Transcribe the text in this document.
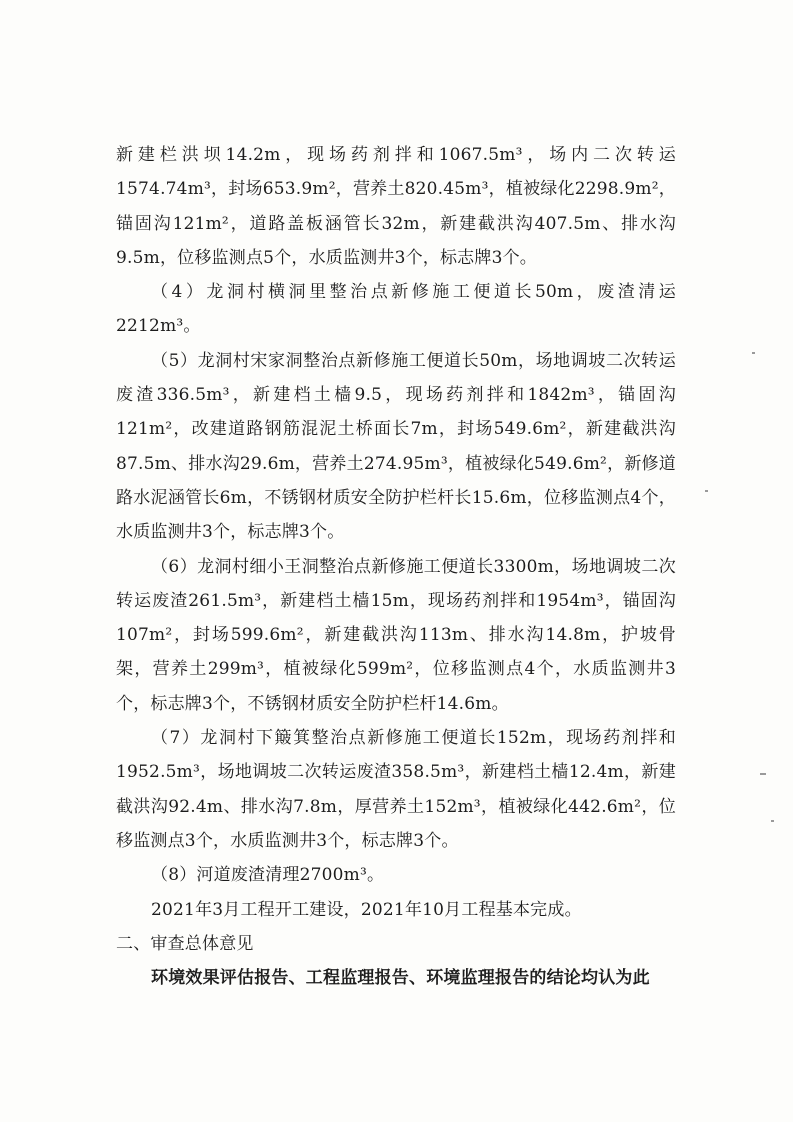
新建栏洪坝14.2m，现场药剂拌和1067.5m³，场内二次转运1574.74m³，封场653.9m²，营养土820.45m³，植被绿化2298.9m²，锚固沟121m²，道路盖板涵管长32m，新建截洪沟407.5m、排水沟9.5m，位移监测点5个，水质监测井3个，标志牌3个。

（4）龙洞村横洞里整治点新修施工便道长50m，废渣清运2212m³。

（5）龙洞村宋家洞整治点新修施工便道长50m，场地调坡二次转运废渣336.5m³，新建档土樯9.5，现场药剂拌和1842m³，锚固沟121m²，改建道路钢筋混泥土桥面长7m，封场549.6m²，新建截洪沟87.5m、排水沟29.6m，营养土274.95m³，植被绿化549.6m²，新修道路水泥涵管长6m，不锈钢材质安全防护栏杆长15.6m，位移监测点4个，水质监测井3个，标志牌3个。

（6）龙洞村细小王洞整治点新修施工便道长3300m，场地调坡二次转运废渣261.5m³，新建档土樯15m，现场药剂拌和1954m³，锚固沟107m²，封场599.6m²，新建截洪沟113m、排水沟14.8m，护坡骨架，营养土299m³，植被绿化599m²，位移监测点4个，水质监测井3个，标志牌3个，不锈钢材质安全防护栏杆14.6m。

（7）龙洞村下簸箕整治点新修施工便道长152m，现场药剂拌和1952.5m³，场地调坡二次转运废渣358.5m³，新建档土樯12.4m，新建截洪沟92.4m、排水沟7.8m，厚营养土152m³，植被绿化442.6m²，位移监测点3个，水质监测井3个，标志牌3个。

（8）河道废渣清理2700m³。

2021年3月工程开工建设，2021年10月工程基本完成。

二、审查总体意见

环境效果评估报告、工程监理报告、环境监理报告的结论均认为此
